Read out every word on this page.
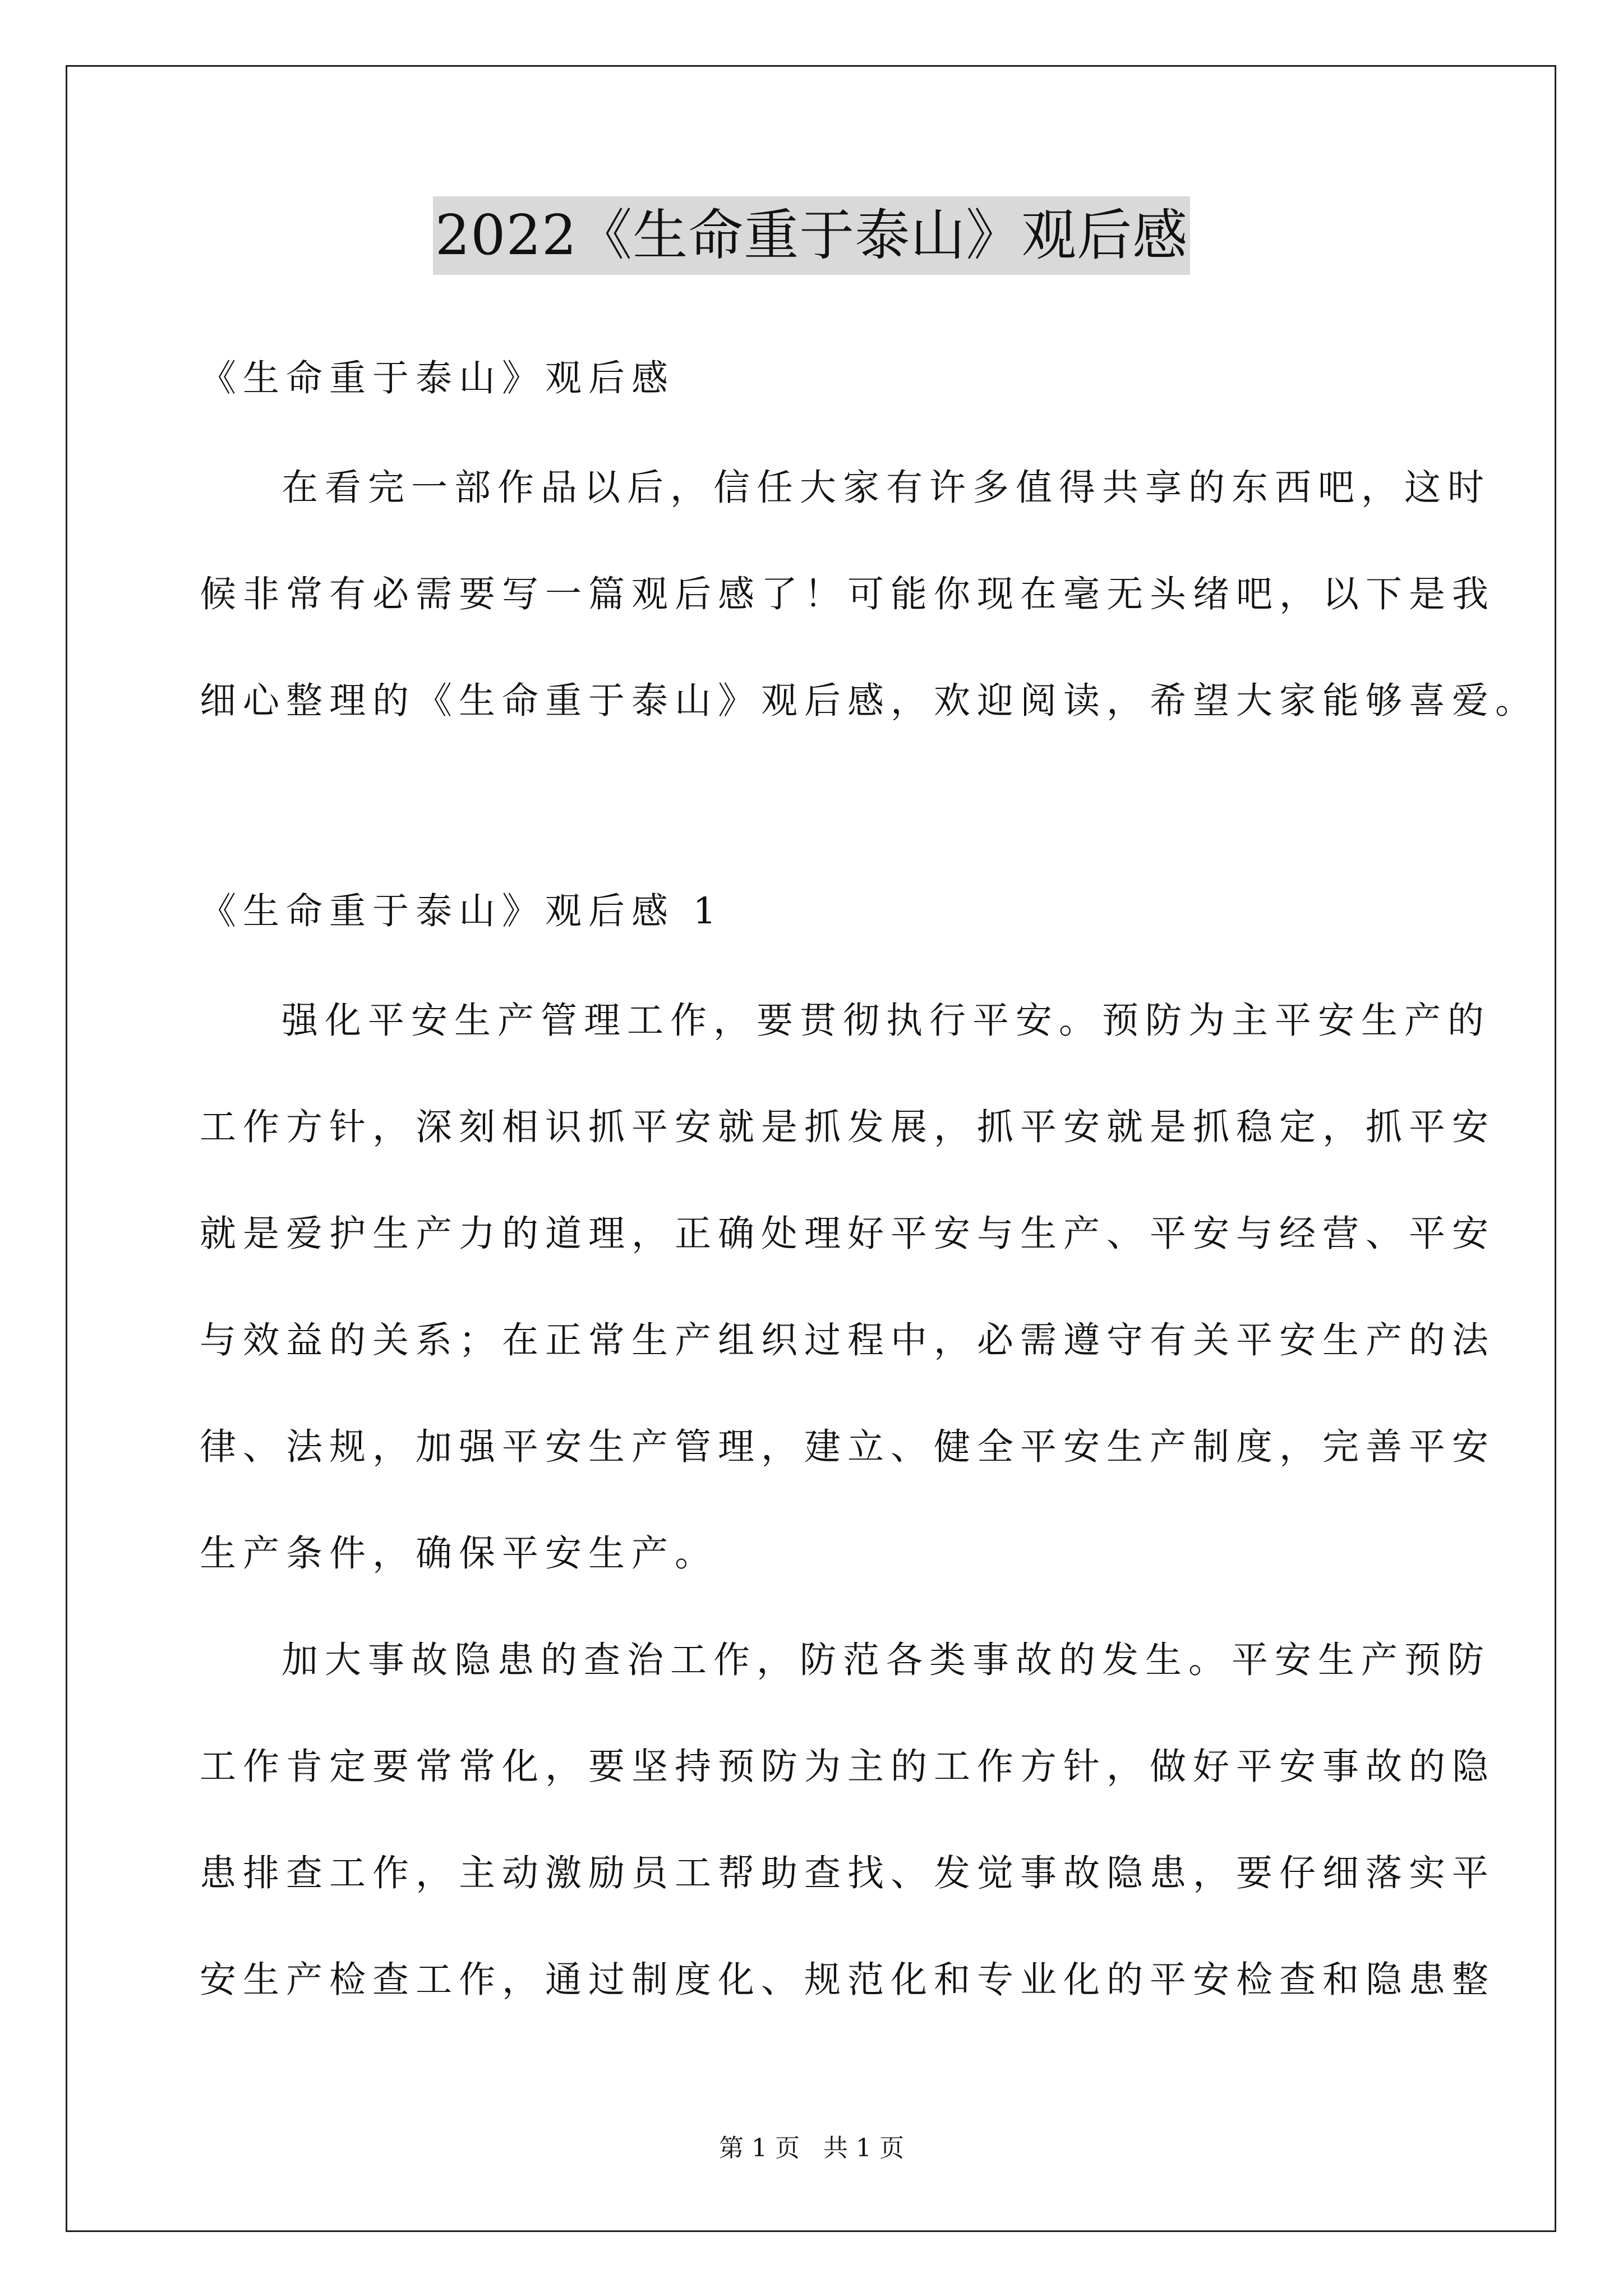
2022《生命重于泰山》观后感

《生命重于泰山》观后感

在看完一部作品以后，信任大家有许多值得共享的东西吧，这时

候非常有必需要写一篇观后感了！可能你现在毫无头绪吧，以下是我

细心整理的《生命重于泰山》观后感，欢迎阅读，希望大家能够喜爱。

《生命重于泰山》观后感 1

强化平安生产管理工作，要贯彻执行平安。预防为主平安生产的

工作方针，深刻相识抓平安就是抓发展，抓平安就是抓稳定，抓平安

就是爱护生产力的道理，正确处理好平安与生产、平安与经营、平安

与效益的关系；在正常生产组织过程中，必需遵守有关平安生产的法

律、法规，加强平安生产管理，建立、健全平安生产制度，完善平安

生产条件，确保平安生产。

加大事故隐患的查治工作，防范各类事故的发生。平安生产预防

工作肯定要常常化，要坚持预防为主的工作方针，做好平安事故的隐

患排查工作，主动激励员工帮助查找、发觉事故隐患，要仔细落实平

安生产检查工作，通过制度化、规范化和专业化的平安检查和隐患整

第 1 页 共 1 页
